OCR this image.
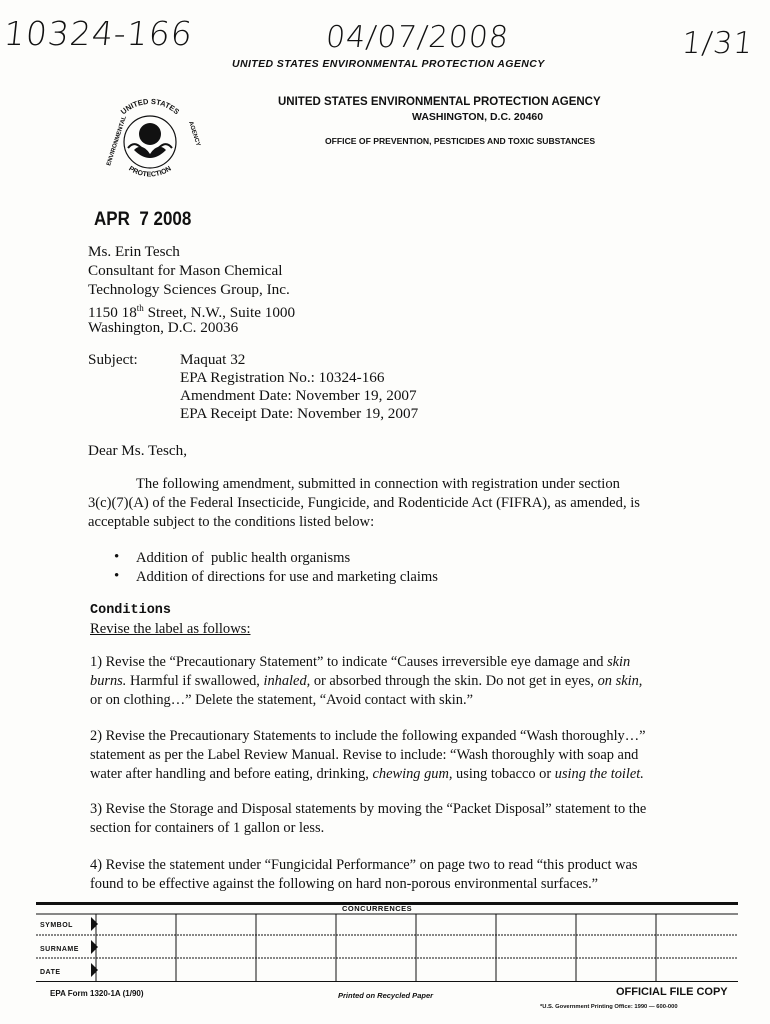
10324-166	04/07/2008	1/31
UNITED STATES ENVIRONMENTAL PROTECTION AGENCY
UNITED STATES
PROTECTION
ENVIRONMENTAL	AGENCY
UNITED STATES ENVIRONMENTAL PROTECTION AGENCY
WASHINGTON, D.C. 20460
OFFICE OF PREVENTION, PESTICIDES AND TOXIC SUBSTANCES
APR  7 2008
Ms. Erin Tesch
Consultant for Mason Chemical
Technology Sciences Group, Inc.
1150 18th Street, N.W., Suite 1000
Washington, D.C. 20036
Subject:	Maquat 32
EPA Registration No.: 10324-166
Amendment Date: November 19, 2007
EPA Receipt Date: November 19, 2007
Dear Ms. Tesch,
The following amendment, submitted in connection with registration under section
3(c)(7)(A) of the Federal Insecticide, Fungicide, and Rodenticide Act (FIFRA), as amended, is
acceptable subject to the conditions listed below:
• Addition of  public health organisms
• Addition of directions for use and marketing claims
Conditions
Revise the label as follows:
1) Revise the “Precautionary Statement” to indicate “Causes irreversible eye damage and skin
burns. Harmful if swallowed, inhaled, or absorbed through the skin. Do not get in eyes, on skin,
or on clothing…” Delete the statement, “Avoid contact with skin.”
2) Revise the Precautionary Statements to include the following expanded “Wash thoroughly…”
statement as per the Label Review Manual. Revise to include: “Wash thoroughly with soap and
water after handling and before eating, drinking, chewing gum, using tobacco or using the toilet.
3) Revise the Storage and Disposal statements by moving the “Packet Disposal” statement to the
section for containers of 1 gallon or less.
4) Revise the statement under “Fungicidal Performance” on page two to read “this product was
found to be effective against the following on hard non-porous environmental surfaces.”
CONCURRENCES
SYMBOL
SURNAME
DATE
EPA Form 1320-1A (1/90)	Printed on Recycled Paper	OFFICIAL FILE COPY
*U.S. Government Printing Office: 1990 — 600-000
